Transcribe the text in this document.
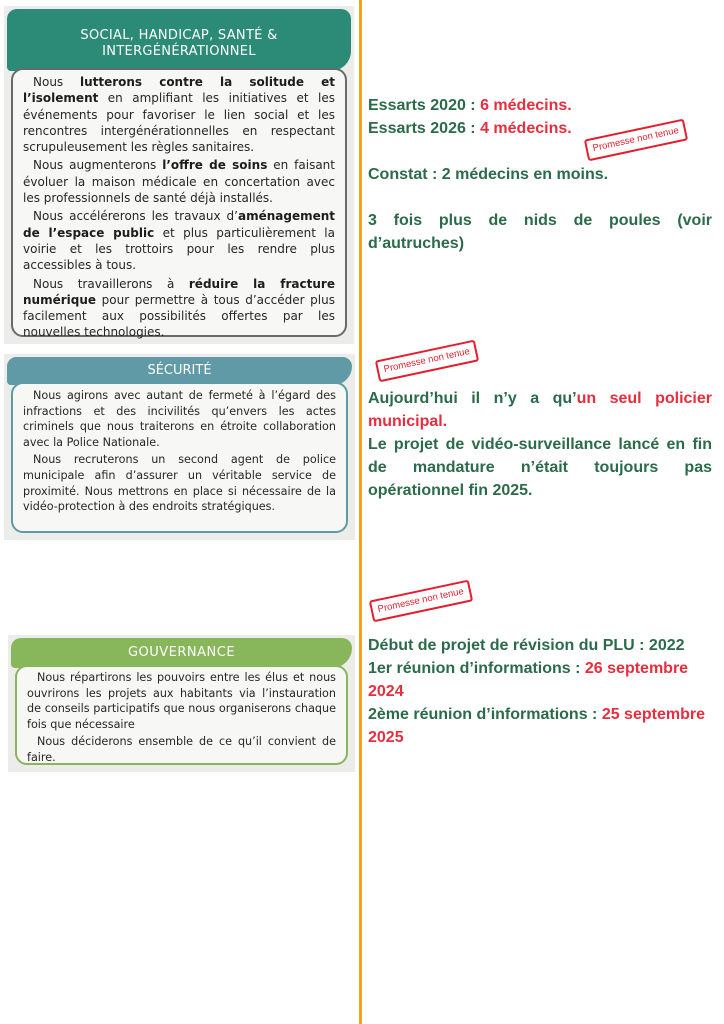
SOCIAL, HANDICAP, SANTÉ &
INTERGÉNÉRATIONNEL

Nous lutterons contre la solitude et l’isolement en amplifiant les initiatives et les événements pour favoriser le lien social et les rencontres intergénérationnelles en respectant scrupuleusement les règles sanitaires.

Nous augmenterons l’offre de soins en faisant évoluer la maison médicale en concertation avec les professionnels de santé déjà installés.

Nous accélérerons les travaux d’aménagement de l’espace public et plus particulièrement la voirie et les trottoirs pour les rendre plus accessibles à tous.

Nous travaillerons à réduire la fracture numérique pour permettre à tous d’accéder plus facilement aux possibilités offertes par les nouvelles technologies.

SÉCURITÉ

Nous agirons avec autant de fermeté à l’égard des infractions et des incivilités qu’envers les actes criminels que nous traiterons en étroite collaboration avec la Police Nationale.

Nous recruterons un second agent de police municipale afin d’assurer un véritable service de proximité. Nous mettrons en place si nécessaire de la vidéo-protection à des endroits stratégiques.

GOUVERNANCE

Nous répartirons les pouvoirs entre les élus et nous ouvrirons les projets aux habitants via l’instauration de conseils participatifs que nous organiserons chaque fois que nécessaire

Nous déciderons ensemble de ce qu’il convient de faire.

Essarts 2020 : 6 médecins.

Essarts 2026 : 4 médecins.

Constat : 2 médecins en moins.

3 fois plus de nids de poules (voir d’autruches)

Promesse non tenue
Promesse non tenue

Aujourd’hui il n’y a qu’un seul policier municipal.

Le projet de vidéo-surveillance lancé en fin de mandature n’était toujours pas opérationnel fin 2025.

Promesse non tenue

Début de projet de révision du PLU : 2022

1er réunion d’informations : 26 septembre 2024

2ème réunion d’informations : 25 septembre 2025
